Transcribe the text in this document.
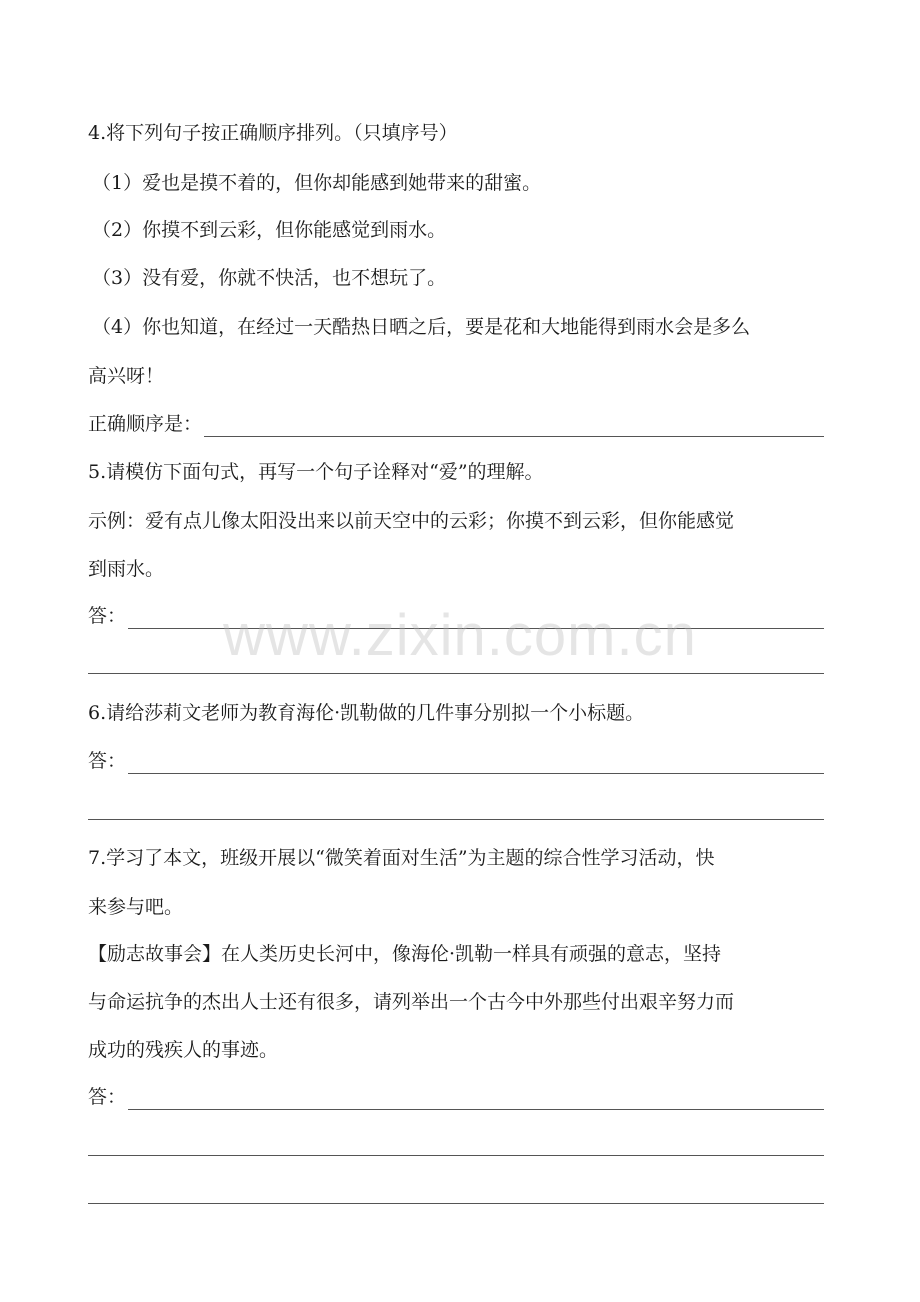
4.将下列句子按正确顺序排列。（只填序号）
（1）爱也是摸不着的，但你却能感到她带来的甜蜜。
（2）你摸不到云彩，但你能感觉到雨水。
（3）没有爱，你就不快活，也不想玩了。
（4）你也知道，在经过一天酷热日晒之后，要是花和大地能得到雨水会是多么
高兴呀！
正确顺序是：
5.请模仿下面句式，再写一个句子诠释对“爱”的理解。
示例：爱有点儿像太阳没出来以前天空中的云彩；你摸不到云彩，但你能感觉
到雨水。
答：
6.请给莎莉文老师为教育海伦·凯勒做的几件事分别拟一个小标题。
答：
7.学习了本文，班级开展以“微笑着面对生活”为主题的综合性学习活动，快
来参与吧。
【励志故事会】在人类历史长河中，像海伦·凯勒一样具有顽强的意志，坚持
与命运抗争的杰出人士还有很多，请列举出一个古今中外那些付出艰辛努力而
成功的残疾人的事迹。
答：
www.zixin.com.cn
